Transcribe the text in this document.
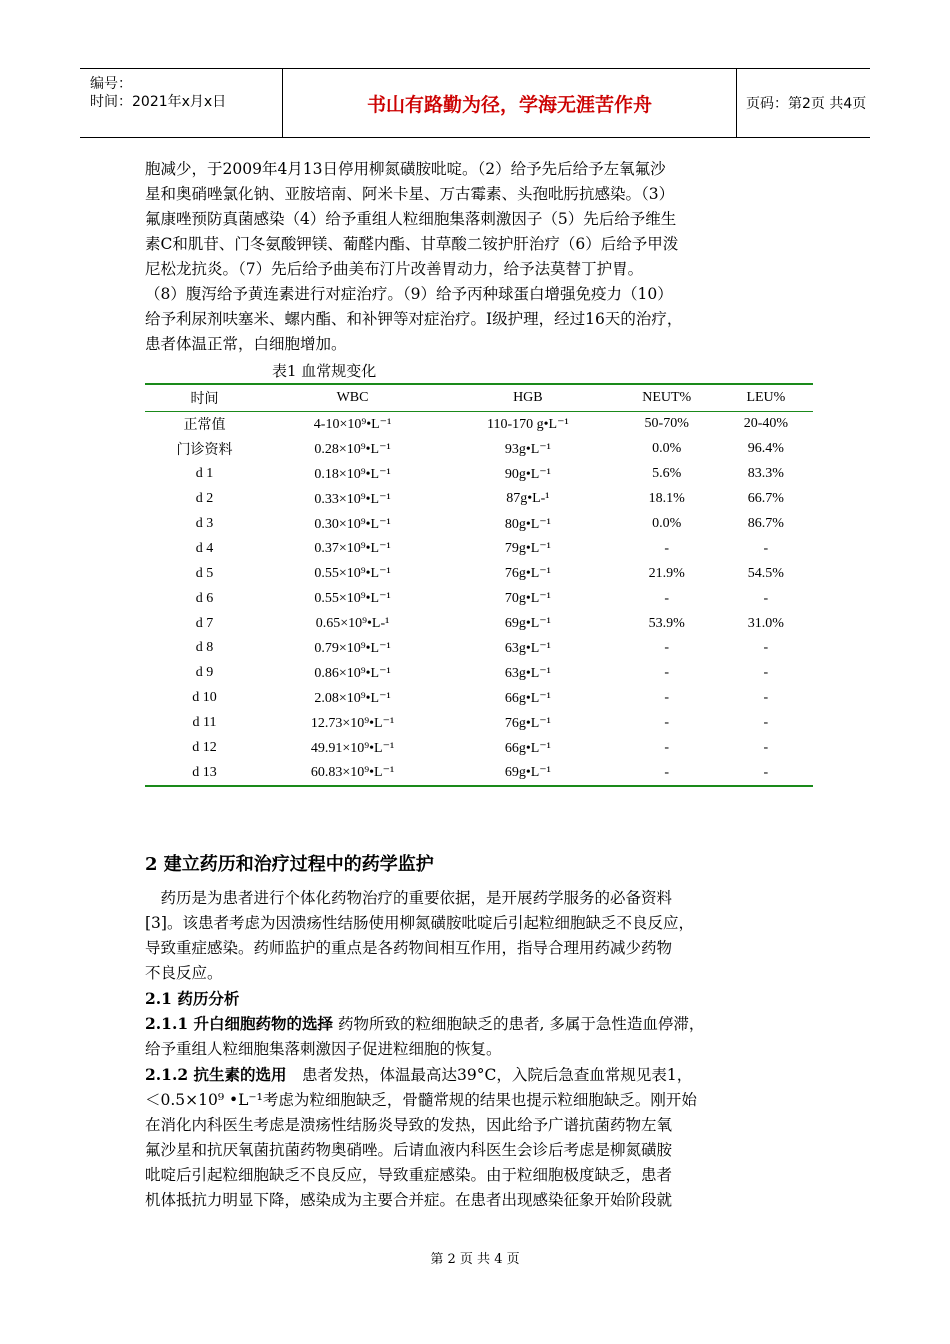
编号：
时间：2021年x月x日	书山有路勤为径，学海无涯苦作舟	页码：第2页 共4页
胞减少，于2009年4月13日停用柳氮磺胺吡啶。（2）给予先后给予左氧氟沙
星和奥硝唑氯化钠、亚胺培南、阿米卡星、万古霉素、头孢吡肟抗感染。（3）
氟康唑预防真菌感染（4）给予重组人粒细胞集落刺激因子（5）先后给予维生
素C和肌苷、门冬氨酸钾镁、葡醛内酯、甘草酸二铵护肝治疗（6）后给予甲泼
尼松龙抗炎。（7）先后给予曲美布汀片改善胃动力，给予法莫替丁护胃。
（8）腹泻给予黄连素进行对症治疗。（9）给予丙种球蛋白增强免疫力（10）
给予利尿剂呋塞米、螺内酯、和补钾等对症治疗。I级护理，经过16天的治疗，
患者体温正常，白细胞增加。
表1 血常规变化
时间	WBC	HGB	NEUT%	LEU%
正常值	4-10×10⁹•L⁻¹	110-170 g•L⁻¹	50-70%	20-40%
门诊资料	0.28×10⁹•L⁻¹	93g•L⁻¹	0.0%	96.4%
d 1	0.18×10⁹•L⁻¹	90g•L⁻¹	5.6%	83.3%
d 2	0.33×10⁹•L⁻¹	87g•L-¹	18.1%	66.7%
d 3	0.30×10⁹•L⁻¹	80g•L⁻¹	0.0%	86.7%
d 4	0.37×10⁹•L⁻¹	79g•L⁻¹	-	-
d 5	0.55×10⁹•L⁻¹	76g•L⁻¹	21.9%	54.5%
d 6	0.55×10⁹•L⁻¹	70g•L⁻¹	-	-
d 7	0.65×10⁹•L-¹	69g•L⁻¹	53.9%	31.0%
d 8	0.79×10⁹•L⁻¹	63g•L⁻¹	-	-
d 9	0.86×10⁹•L⁻¹	63g•L⁻¹	-	-
d 10	2.08×10⁹•L⁻¹	66g•L⁻¹	-	-
d 11	12.73×10⁹•L⁻¹	76g•L⁻¹	-	-
d 12	49.91×10⁹•L⁻¹	66g•L⁻¹	-	-
d 13	60.83×10⁹•L⁻¹	69g•L⁻¹	-	-
2 建立药历和治疗过程中的药学监护
　药历是为患者进行个体化药物治疗的重要依据，是开展药学服务的必备资料
[3]。该患者考虑为因溃疡性结肠使用柳氮磺胺吡啶后引起粒细胞缺乏不良反应，
导致重症感染。药师监护的重点是各药物间相互作用，指导合理用药减少药物
不良反应。
2.1 药历分析
2.1.1 升白细胞药物的选择 药物所致的粒细胞缺乏的患者, 多属于急性造血停滞，
给予重组人粒细胞集落刺激因子促进粒细胞的恢复。
2.1.2 抗生素的选用　患者发热，体温最高达39°C，入院后急查血常规见表1，
＜0.5×10⁹ •L⁻¹考虑为粒细胞缺乏，骨髓常规的结果也提示粒细胞缺乏。刚开始
在消化内科医生考虑是溃疡性结肠炎导致的发热，因此给予广谱抗菌药物左氧
氟沙星和抗厌氧菌抗菌药物奥硝唑。后请血液内科医生会诊后考虑是柳氮磺胺
吡啶后引起粒细胞缺乏不良反应，导致重症感染。由于粒细胞极度缺乏，患者
机体抵抗力明显下降，感染成为主要合并症。在患者出现感染征象开始阶段就
第 2 页 共 4 页
